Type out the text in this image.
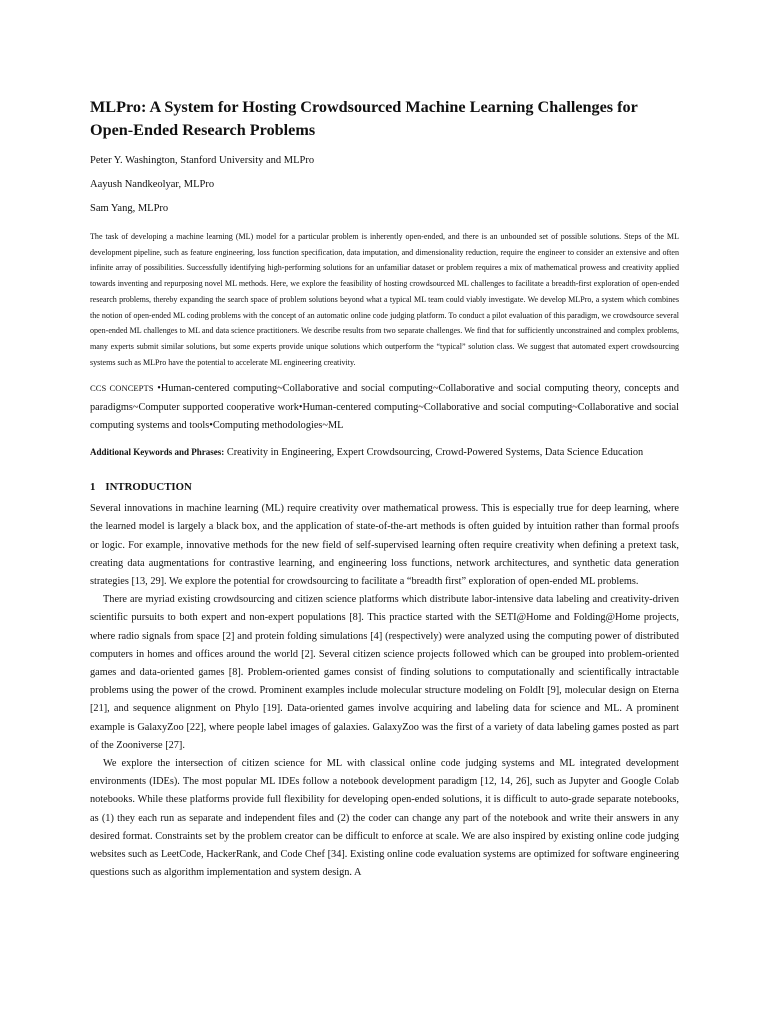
MLPro: A System for Hosting Crowdsourced Machine Learning Challenges for Open-Ended Research Problems
Peter Y. Washington, Stanford University and MLPro
Aayush Nandkeolyar, MLPro
Sam Yang, MLPro

The task of developing a machine learning (ML) model for a particular problem is inherently open-ended, and there is an unbounded set of possible solutions. Steps of the ML development pipeline, such as feature engineering, loss function specification, data imputation, and dimensionality reduction, require the engineer to consider an extensive and often infinite array of possibilities. Successfully identifying high-performing solutions for an unfamiliar dataset or problem requires a mix of mathematical prowess and creativity applied towards inventing and repurposing novel ML methods. Here, we explore the feasibility of hosting crowdsourced ML challenges to facilitate a breadth-first exploration of open-ended research problems, thereby expanding the search space of problem solutions beyond what a typical ML team could viably investigate. We develop MLPro, a system which combines the notion of open-ended ML coding problems with the concept of an automatic online code judging platform. To conduct a pilot evaluation of this paradigm, we crowdsource several open-ended ML challenges to ML and data science practitioners. We describe results from two separate challenges. We find that for sufficiently unconstrained and complex problems, many experts submit similar solutions, but some experts provide unique solutions which outperform the “typical” solution class. We suggest that automated expert crowdsourcing systems such as MLPro have the potential to accelerate ML engineering creativity.

CCS CONCEPTS •Human-centered computing~Collaborative and social computing~Collaborative and social computing theory, concepts and paradigms~Computer supported cooperative work•Human-centered computing~Collaborative and social computing~Collaborative and social computing systems and tools•Computing methodologies~ML

Additional Keywords and Phrases: Creativity in Engineering, Expert Crowdsourcing, Crowd-Powered Systems, Data Science Education

1 INTRODUCTION

Several innovations in machine learning (ML) require creativity over mathematical prowess. This is especially true for deep learning, where the learned model is largely a black box, and the application of state-of-the-art methods is often guided by intuition rather than formal proofs or logic. For example, innovative methods for the new field of self-supervised learning often require creativity when defining a pretext task, creating data augmentations for contrastive learning, and engineering loss functions, network architectures, and synthetic data generation strategies [13, 29]. We explore the potential for crowdsourcing to facilitate a “breadth first” exploration of open-ended ML problems.

There are myriad existing crowdsourcing and citizen science platforms which distribute labor-intensive data labeling and creativity-driven scientific pursuits to both expert and non-expert populations [8]. This practice started with the SETI@Home and Folding@Home projects, where radio signals from space [2] and protein folding simulations [4] (respectively) were analyzed using the computing power of distributed computers in homes and offices around the world [2]. Several citizen science projects followed which can be grouped into problem-oriented games and data-oriented games [8]. Problem-oriented games consist of finding solutions to computationally and scientifically intractable problems using the power of the crowd. Prominent examples include molecular structure modeling on FoldIt [9], molecular design on Eterna [21], and sequence alignment on Phylo [19]. Data-oriented games involve acquiring and labeling data for science and ML. A prominent example is GalaxyZoo [22], where people label images of galaxies. GalaxyZoo was the first of a variety of data labeling games posted as part of the Zooniverse [27].

We explore the intersection of citizen science for ML with classical online code judging systems and ML integrated development environments (IDEs). The most popular ML IDEs follow a notebook development paradigm [12, 14, 26], such as Jupyter and Google Colab notebooks. While these platforms provide full flexibility for developing open-ended solutions, it is difficult to auto-grade separate notebooks, as (1) they each run as separate and independent files and (2) the coder can change any part of the notebook and write their answers in any desired format. Constraints set by the problem creator can be difficult to enforce at scale. We are also inspired by existing online code judging websites such as LeetCode, HackerRank, and Code Chef [34]. Existing online code evaluation systems are optimized for software engineering questions such as algorithm implementation and system design. A
